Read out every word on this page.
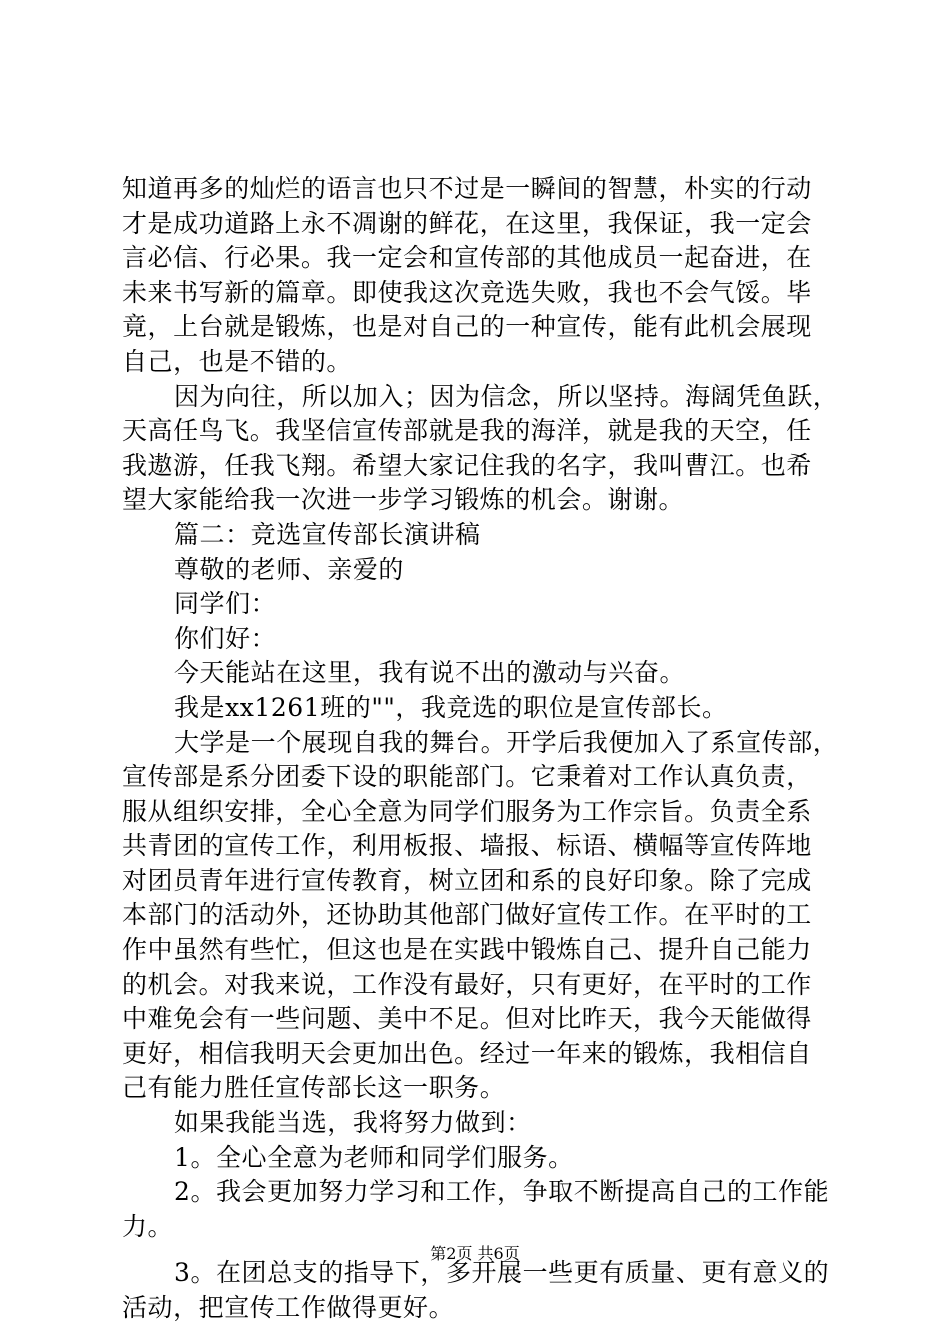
知道再多的灿烂的语言也只不过是一瞬间的智慧，朴实的行动
才是成功道路上永不凋谢的鲜花，在这里，我保证，我一定会
言必信、行必果。我一定会和宣传部的其他成员一起奋进，在
未来书写新的篇章。即使我这次竞选失败，我也不会气馁。毕
竟，上台就是锻炼，也是对自己的一种宣传，能有此机会展现
自己，也是不错的。
因为向往，所以加入；因为信念，所以坚持。海阔凭鱼跃，
天高任鸟飞。我坚信宣传部就是我的海洋，就是我的天空，任
我遨游，任我飞翔。希望大家记住我的名字，我叫曹江。也希
望大家能给我一次进一步学习锻炼的机会。谢谢。
篇二：竞选宣传部长演讲稿
尊敬的老师、亲爱的
同学们：
你们好：
今天能站在这里，我有说不出的激动与兴奋。
我是xx1261班的""，我竞选的职位是宣传部长。
大学是一个展现自我的舞台。开学后我便加入了系宣传部，
宣传部是系分团委下设的职能部门。它秉着对工作认真负责，
服从组织安排，全心全意为同学们服务为工作宗旨。负责全系
共青团的宣传工作，利用板报、墙报、标语、横幅等宣传阵地
对团员青年进行宣传教育，树立团和系的良好印象。除了完成
本部门的活动外，还协助其他部门做好宣传工作。在平时的工
作中虽然有些忙，但这也是在实践中锻炼自己、提升自己能力
的机会。对我来说，工作没有最好，只有更好，在平时的工作
中难免会有一些问题、美中不足。但对比昨天，我今天能做得
更好，相信我明天会更加出色。经过一年来的锻炼，我相信自
己有能力胜任宣传部长这一职务。
如果我能当选，我将努力做到：
1。全心全意为老师和同学们服务。
2。我会更加努力学习和工作，争取不断提高自己的工作能
力。
3。在团总支的指导下，多开展一些更有质量、更有意义的
活动，把宣传工作做得更好。
第2页 共6页
